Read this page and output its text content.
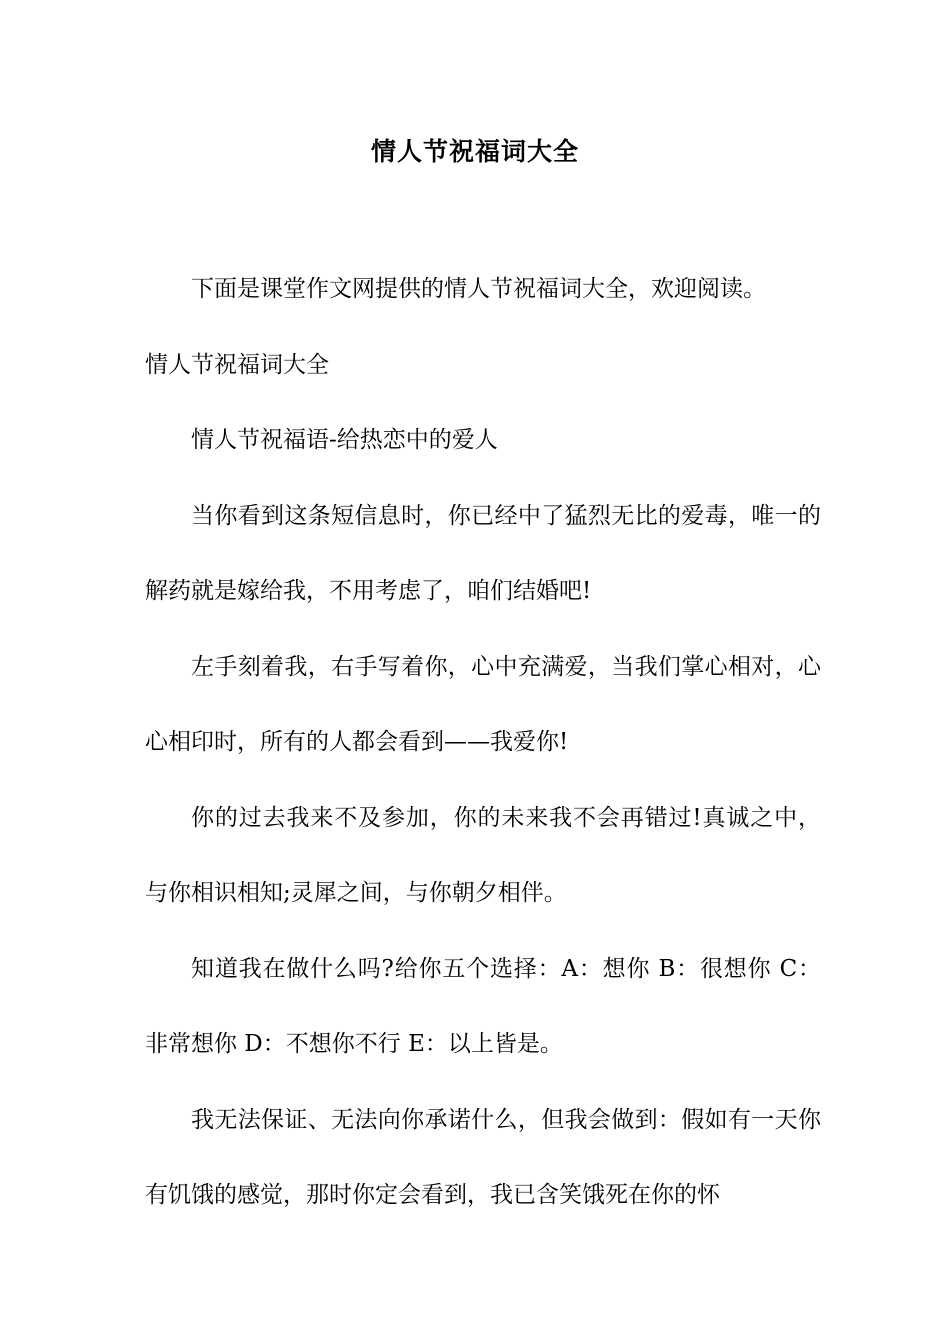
情人节祝福词大全

下面是课堂作文网提供的情人节祝福词大全，欢迎阅读。

情人节祝福词大全

情人节祝福语-给热恋中的爱人

当你看到这条短信息时，你已经中了猛烈无比的爱毒，唯一的解药就是嫁给我，不用考虑了，咱们结婚吧!

左手刻着我，右手写着你，心中充满爱，当我们掌心相对，心心相印时，所有的人都会看到——我爱你!

你的过去我来不及参加，你的未来我不会再错过!真诚之中，与你相识相知;灵犀之间，与你朝夕相伴。

知道我在做什么吗?给你五个选择：A：想你 B：很想你 C：非常想你 D：不想你不行 E：以上皆是。

我无法保证、无法向你承诺什么，但我会做到：假如有一天你有饥饿的感觉，那时你定会看到，我已含笑饿死在你的怀
